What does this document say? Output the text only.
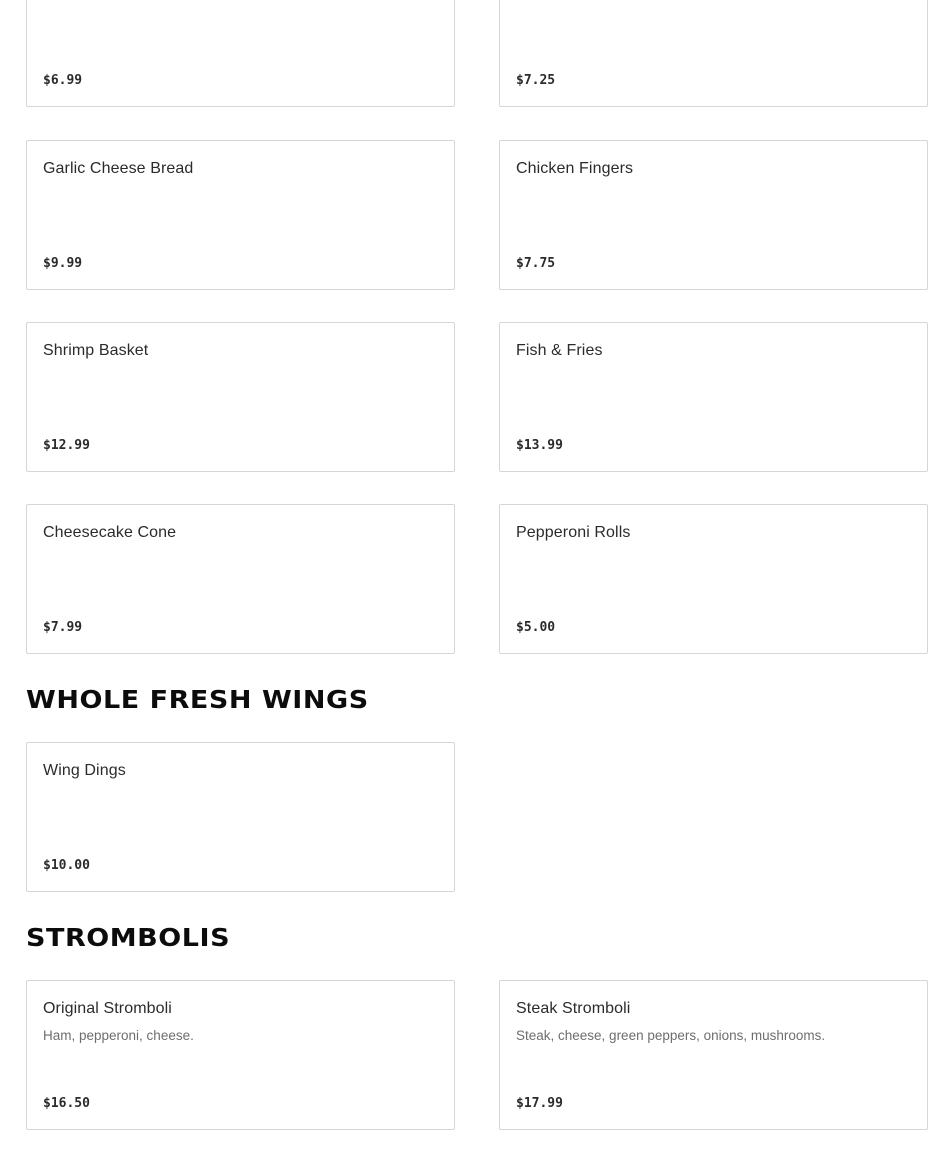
$6.99	$7.25
Garlic Cheese Bread
$9.99
Chicken Fingers
$7.75
Shrimp Basket
$12.99
Fish & Fries
$13.99
Cheesecake Cone
$7.99
Pepperoni Rolls
$5.00
WHOLE FRESH WINGS
Wing Dings
$10.00
STROMBOLIS
Original Stromboli
Ham, pepperoni, cheese.
$16.50
Steak Stromboli
Steak, cheese, green peppers, onions, mushrooms.
$17.99
